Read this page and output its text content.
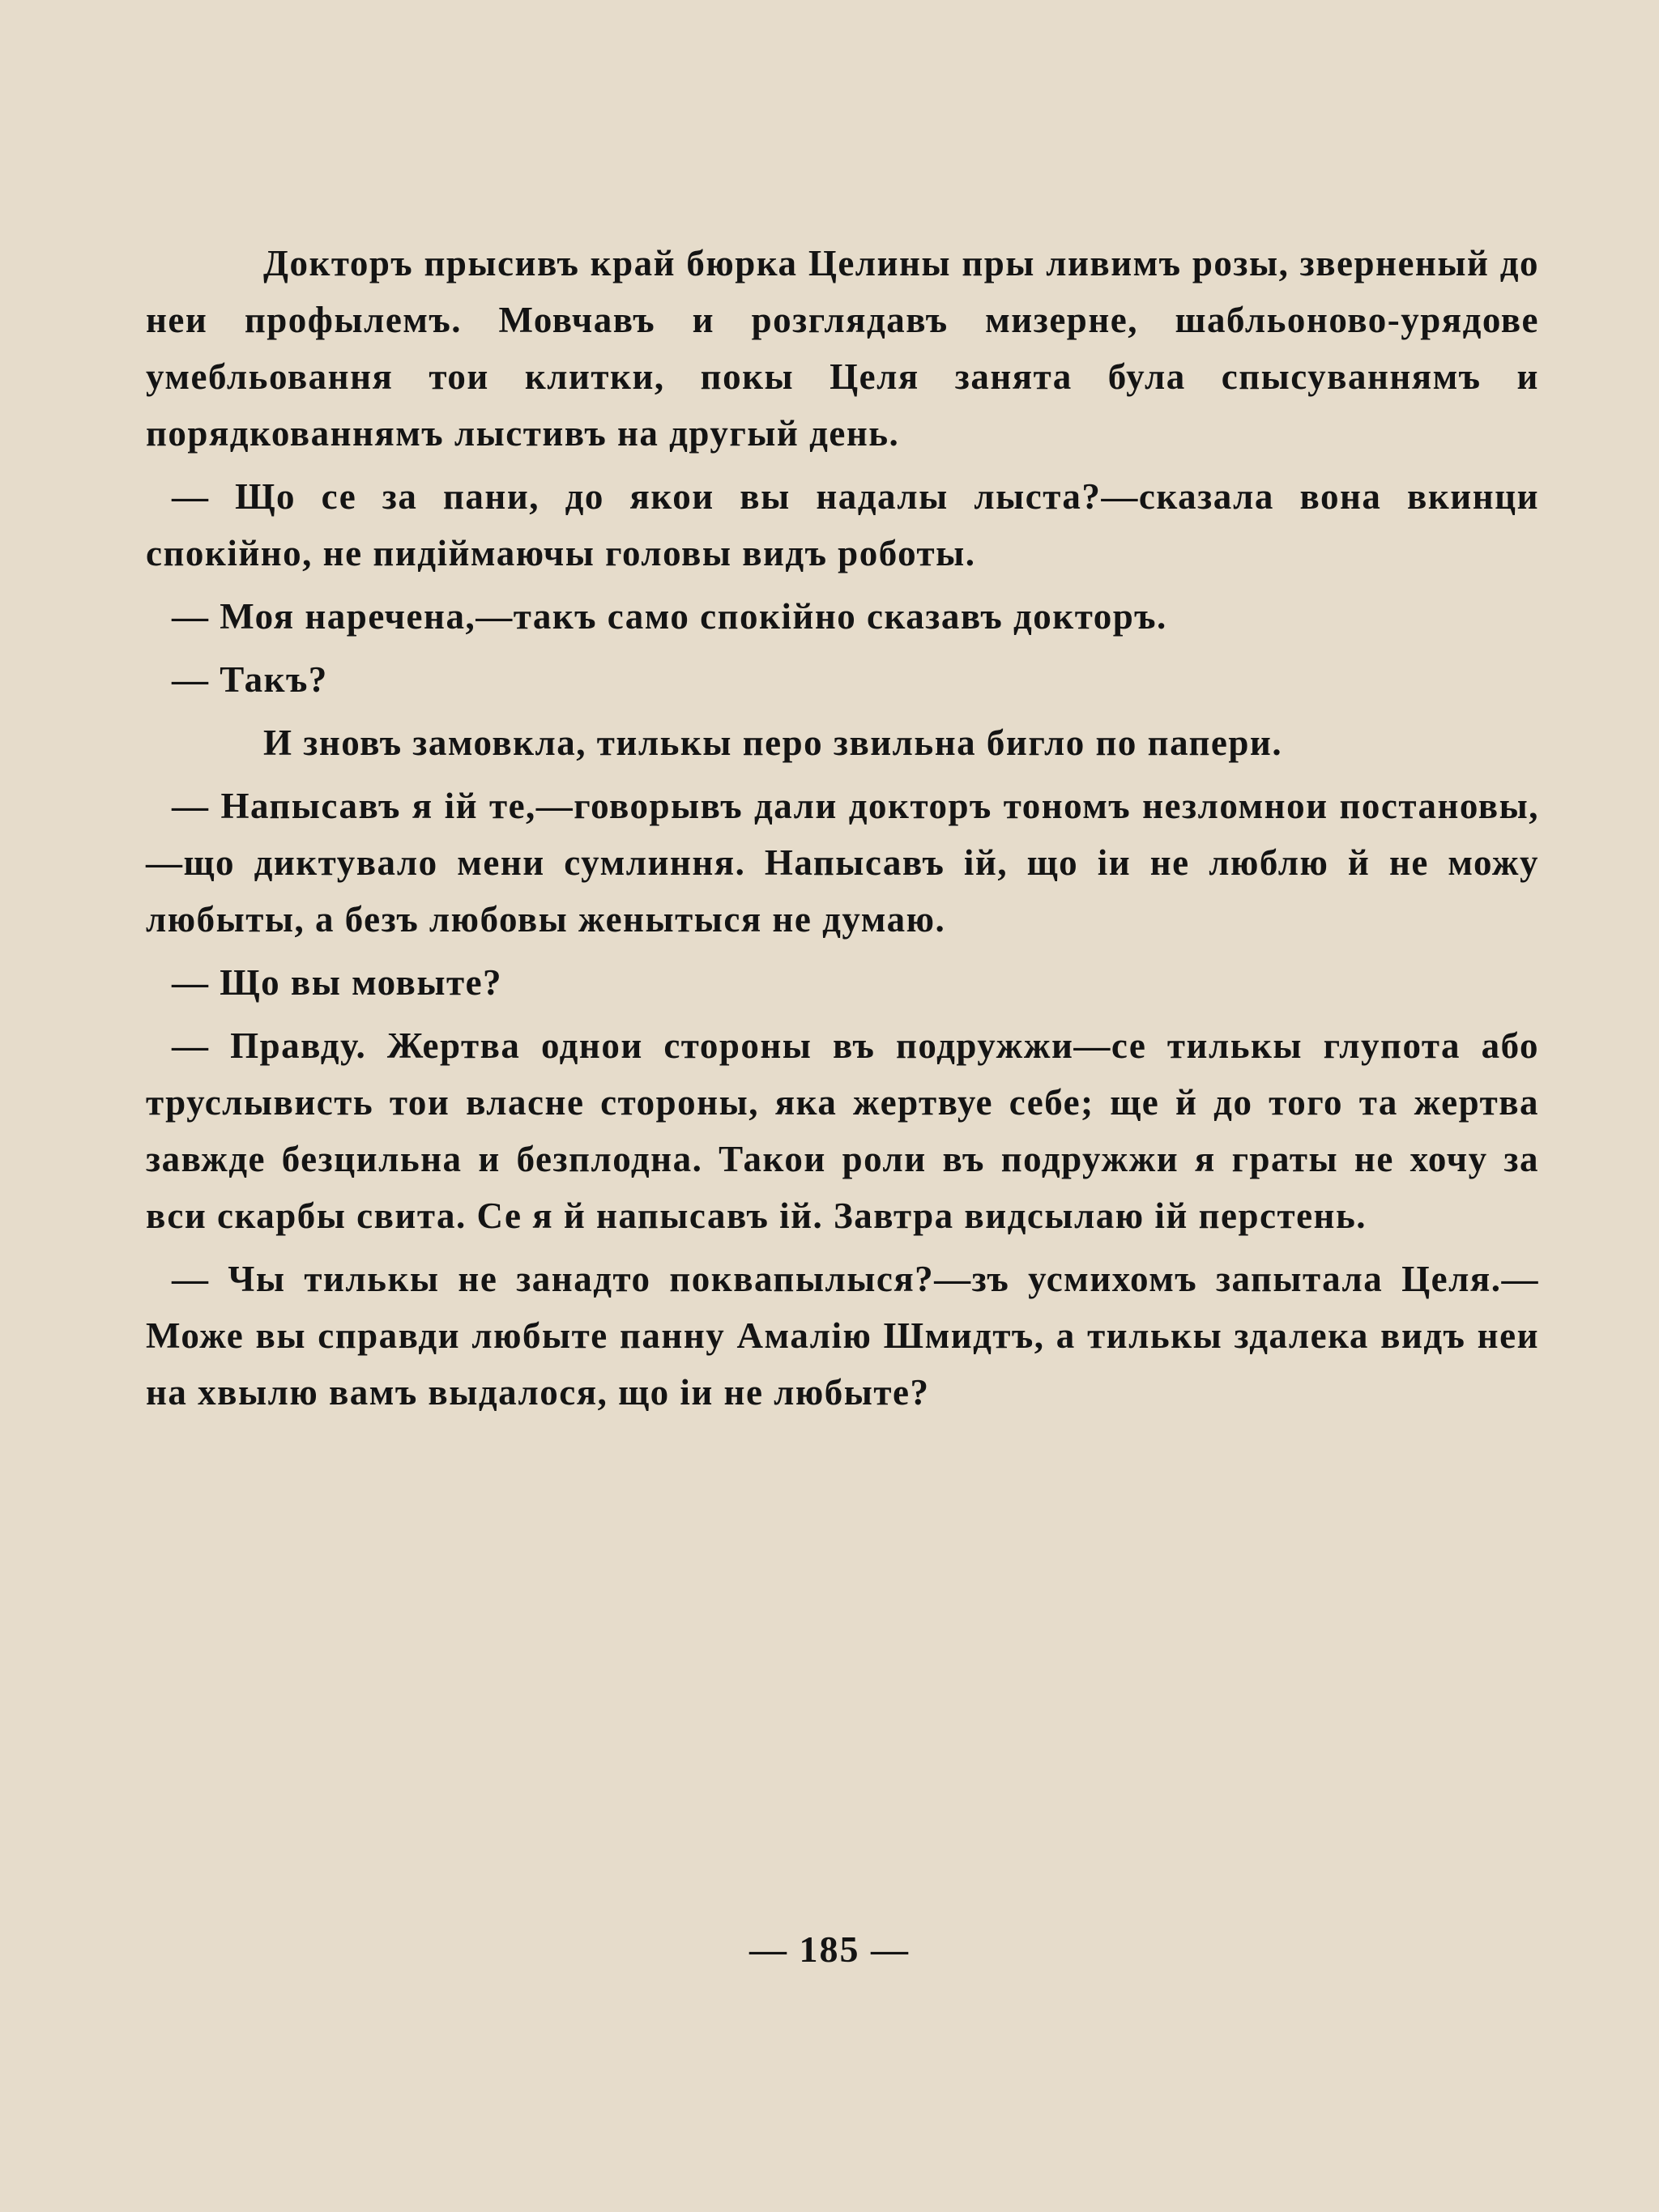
Докторъ прысивъ край бюрка Целины пры ливимъ розы, зверненый до неи профылемъ. Мовчавъ и розглядавъ мизерне, шабльоново-урядове умебльовання тои клитки, покы Целя занята була спысуваннямъ и порядкованнямъ лыстивъ на другый день.

— Що се за пани, до якои вы надалы лыста?—сказала вона вкинци спокійно, не пидіймаючы головы видъ роботы.

— Моя наречена,—такъ само спокійно сказавъ докторъ.

— Такъ?

И зновъ замовкла, тилькы перо звильна бигло по папери.

— Напысавъ я ій те,—говорывъ дали докторъ тономъ незломнои постановы,—що диктувало мени сумлиння. Напысавъ ій, що іи не люблю й не можу любыты, а безъ любовы женытыся не думаю.

— Що вы мовыте?

— Правду. Жертва однои стороны въ подружжи—се тилькы глупота або труслывисть тои власне стороны, яка жертвуе себе; ще й до того та жертва завжде безцильна и безплодна. Такои роли въ подружжи я граты не хочу за вси скарбы свита. Се я й напысавъ ій. Завтра видсылаю ій перстень.

— Чы тилькы не занадто поквапылыся?—зъ усмихомъ запытала Целя.—Може вы справди любыте панну Амалію Шмидтъ, а тилькы здалека видъ неи на хвылю вамъ выдалося, що іи не любыте?

— 185 —
